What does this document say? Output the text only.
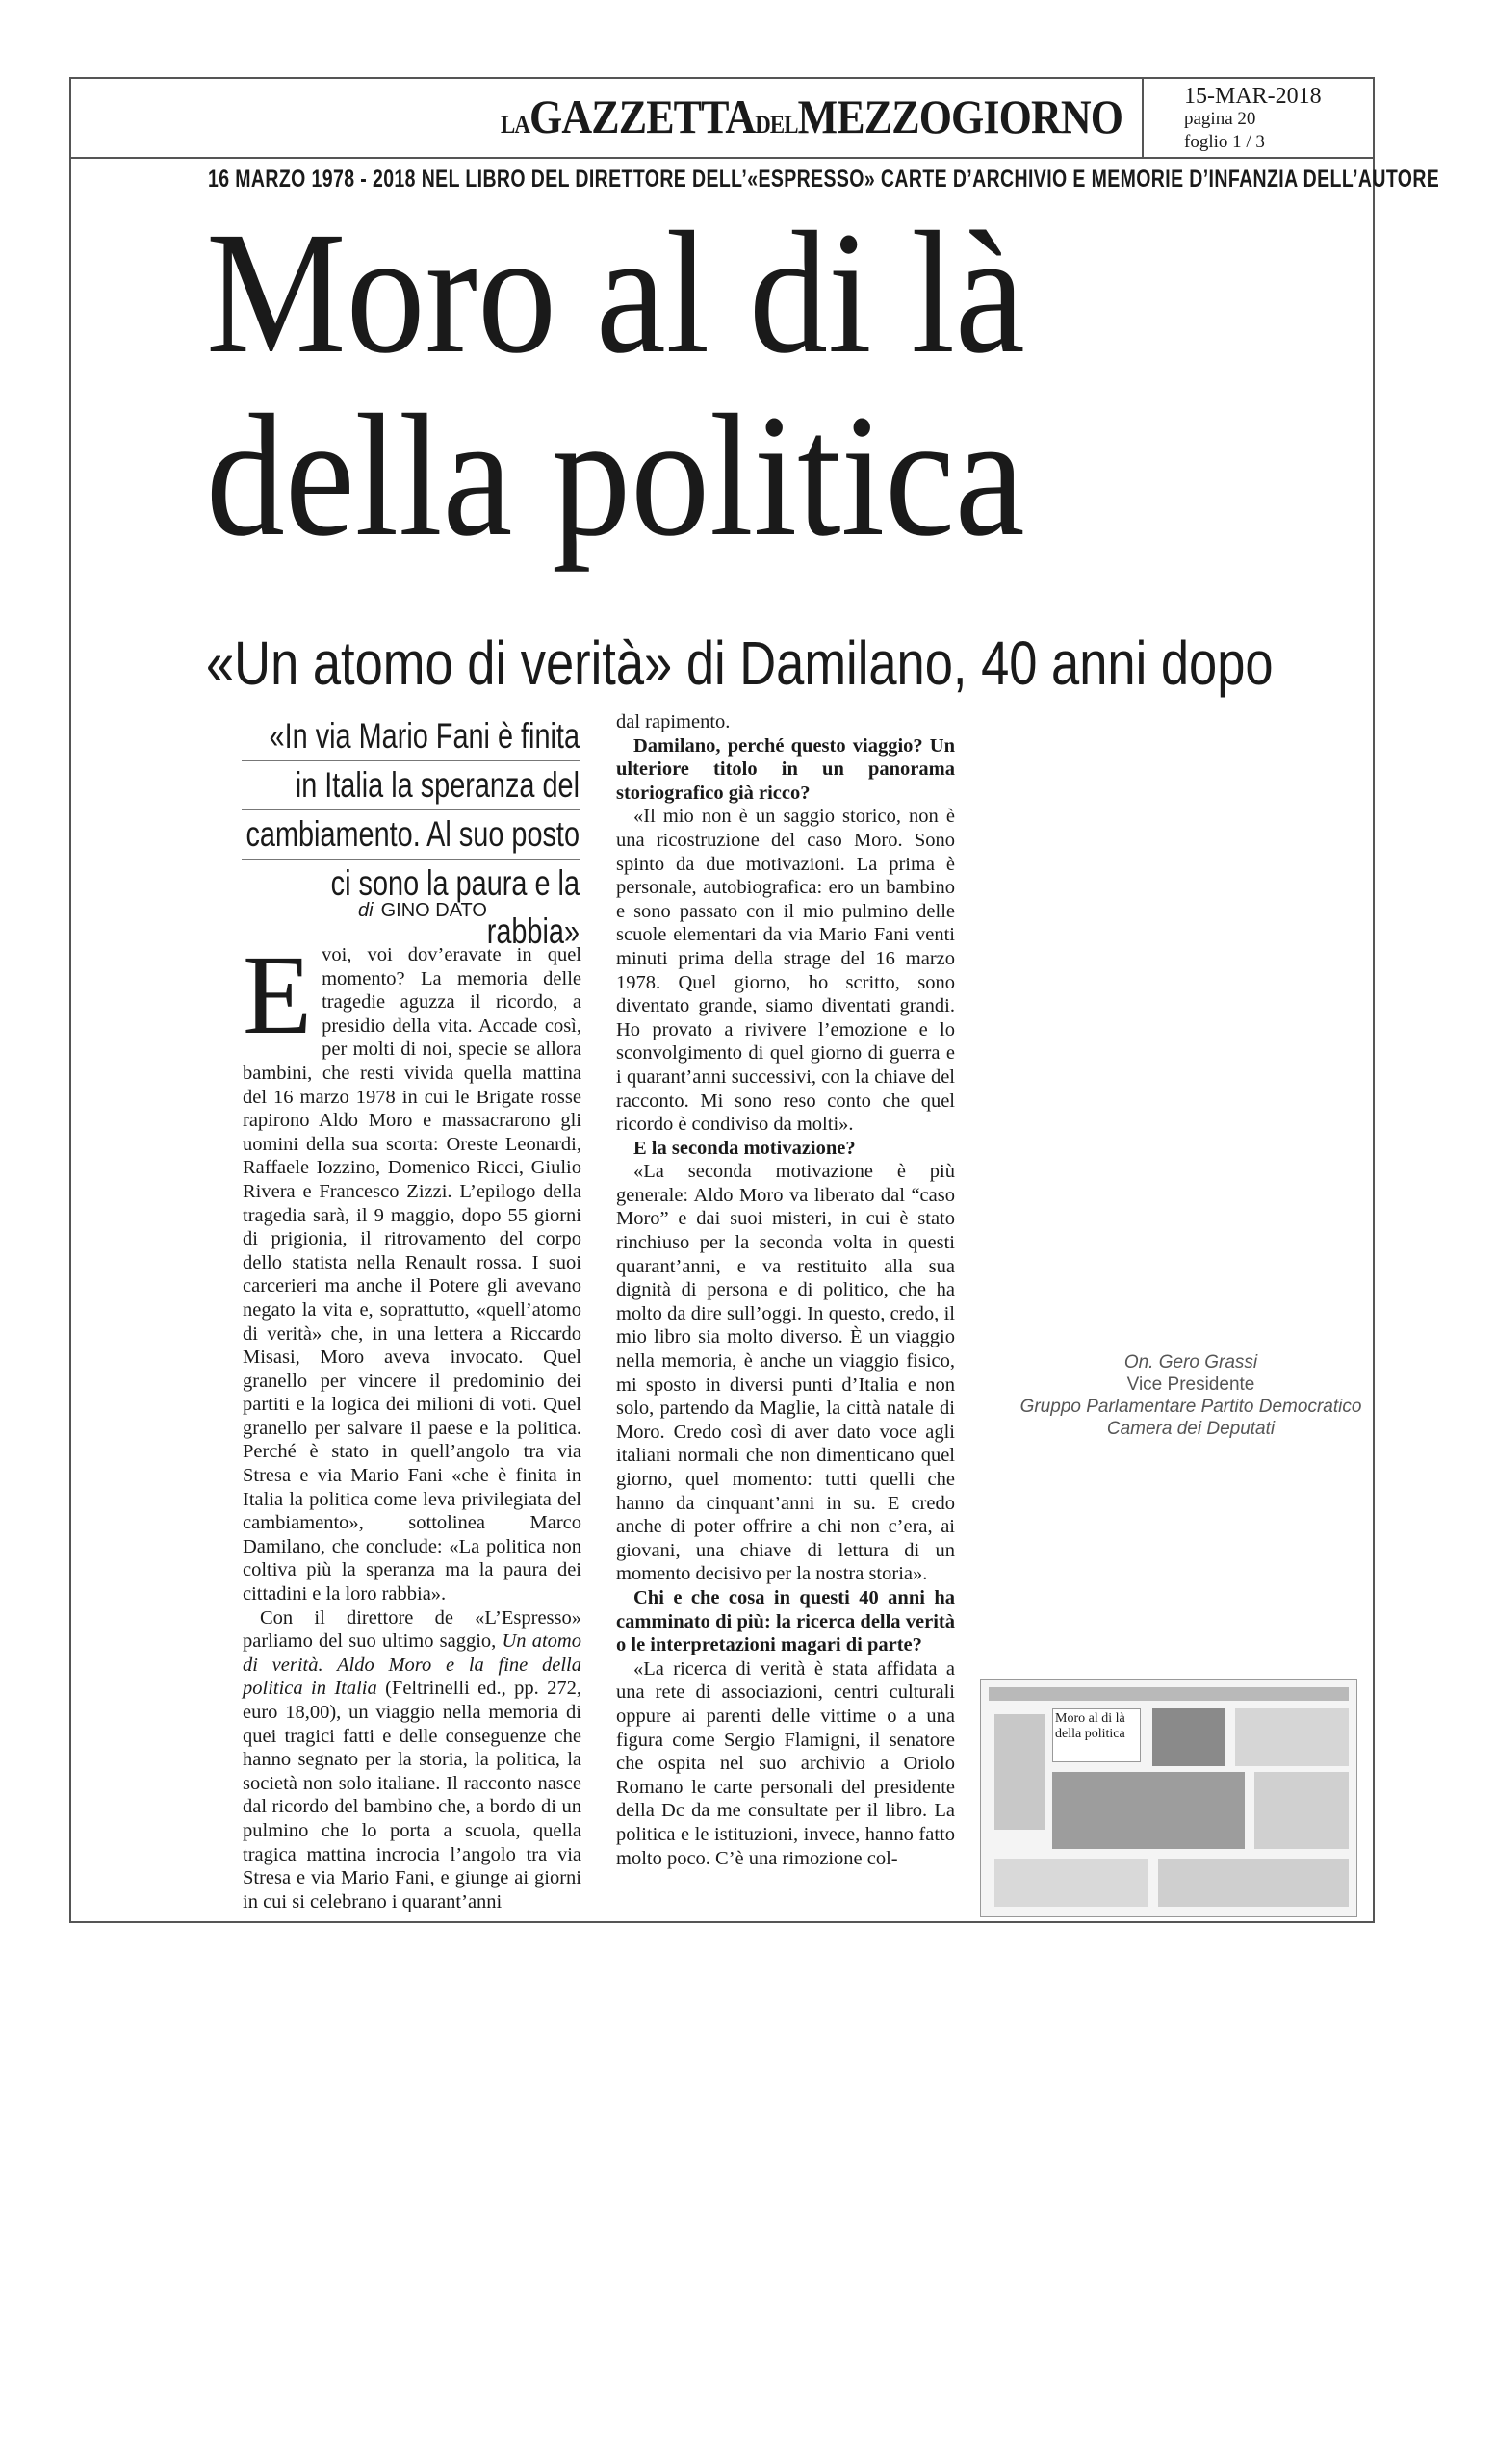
LAGAZZETTADELMEZZOGIORNO	15-MAR-2018
pagina 20
foglio 1 / 3
16 MARZO 1978 - 2018 NEL LIBRO DEL DIRETTORE DELL’«ESPRESSO» CARTE D’ARCHIVIO E MEMORIE D’INFANZIA DELL’AUTORE
Moro al di là
della politica
«Un atomo di verità» di Damilano, 40 anni dopo
«In via Mario Fani è finita
in Italia la speranza del
cambiamento. Al suo posto
ci sono la paura e la rabbia»
di GINO DATO
E voi, voi dov’eravate in quel momento? La memoria delle tragedie aguzza il ricordo, a presidio della vita. Accade così, per molti di noi, specie se allora bambini, che resti vivida quella mattina del 16 marzo 1978 in cui le Brigate rosse rapirono Aldo Moro e massacrarono gli uomini della sua scorta: Oreste Leonardi, Raffaele Iozzino, Domenico Ricci, Giulio Rivera e Francesco Zizzi. L’epilogo della tragedia sarà, il 9 maggio, dopo 55 giorni di prigionia, il ritrovamento del corpo dello statista nella Renault rossa. I suoi carcerieri ma anche il Potere gli avevano negato la vita e, soprattutto, «quell’atomo di verità» che, in una lettera a Riccardo Misasi, Moro aveva invocato. Quel granello per vincere il predominio dei partiti e la logica dei milioni di voti. Quel granello per salvare il paese e la politica. Perché è stato in quell’angolo tra via Stresa e via Mario Fani «che è finita in Italia la politica come leva privilegiata del cambiamento», sottolinea Marco Damilano, che conclude: «La politica non coltiva più la speranza ma la paura dei cittadini e la loro rabbia».

Con il direttore de «L’Espresso» parliamo del suo ultimo saggio, Un atomo di verità. Aldo Moro e la fine della politica in Italia (Feltrinelli ed., pp. 272, euro 18,00), un viaggio nella memoria di quei tragici fatti e delle conseguenze che hanno segnato per la storia, la politica, la società non solo italiane. Il racconto nasce dal ricordo del bambino che, a bordo di un pulmino che lo porta a scuola, quella tragica mattina incrocia l’angolo tra via Stresa e via Mario Fani, e giunge ai giorni in cui si celebrano i quarant’anni

dal rapimento.

Damilano, perché questo viaggio? Un ulteriore titolo in un panorama storiografico già ricco?

«Il mio non è un saggio storico, non è una ricostruzione del caso Moro. Sono spinto da due motivazioni. La prima è personale, autobiografica: ero un bambino e sono passato con il mio pulmino delle scuole elementari da via Mario Fani venti minuti prima della strage del 16 marzo 1978. Quel giorno, ho scritto, sono diventato grande, siamo diventati grandi. Ho provato a rivivere l’emozione e lo sconvolgimento di quel giorno di guerra e i quarant’anni successivi, con la chiave del racconto. Mi sono reso conto che quel ricordo è condiviso da molti».

E la seconda motivazione?

«La seconda motivazione è più generale: Aldo Moro va liberato dal “caso Moro” e dai suoi misteri, in cui è stato rinchiuso per la seconda volta in questi quarant’anni, e va restituito alla sua dignità di persona e di politico, che ha molto da dire sull’oggi. In questo, credo, il mio libro sia molto diverso. È un viaggio nella memoria, è anche un viaggio fisico, mi sposto in diversi punti d’Italia e non solo, partendo da Maglie, la città natale di Moro. Credo così di aver dato voce agli italiani normali che non dimenticano quel giorno, quel momento: tutti quelli che hanno da cinquant’anni in su. E credo anche di poter offrire a chi non c’era, ai giovani, una chiave di lettura di un momento decisivo per la nostra storia».

Chi e che cosa in questi 40 anni ha camminato di più: la ricerca della verità o le interpretazioni magari di parte?

«La ricerca di verità è stata affidata a una rete di associazioni, centri culturali oppure ai parenti delle vittime o a una figura come Sergio Flamigni, il senatore che ospita nel suo archivio a Oriolo Romano le carte personali del presidente della Dc da me consultate per il libro. La politica e le istituzioni, invece, hanno fatto molto poco. C’è una rimozione col-

On. Gero Grassi
Vice Presidente
Gruppo Parlamentare Partito Democratico
Camera dei Deputati
Moro al di là della politica
